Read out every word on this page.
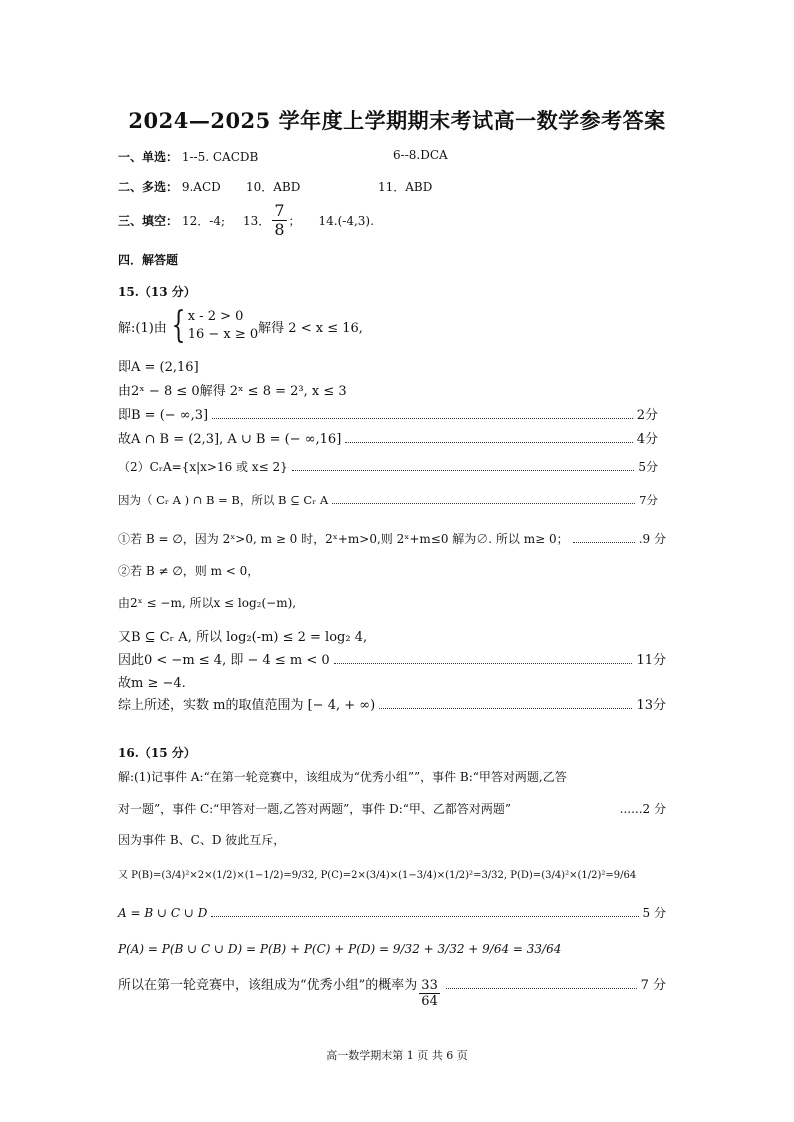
2024—2025 学年度上学期期末考试高一数学参考答案
一、单选： 1--5. CACDB	6--8.DCA
二、多选： 9.ACD 10．ABD	11．ABD
三、填空： 12．-4; 13． $\frac{7}{8}$ ； 14.(-4,3).
四．解答题
15.（13 分）
解:(1)由 { x - 2 > 0
16 − x ≥ 0 解得 2 < x ≤ 16,
即A = (2,16]
由2ˣ − 8 ≤ 0解得 2ˣ ≤ 8 = 2³, x ≤ 3
即B = (− ∞,3]	2分
故A ∩ B = (2,3], A ∪ B = (− ∞,16]	4分
（2）CᵣA={x|x>16 或 x≤ 2}	5分
因为（ Cᵣ A ) ∩ B = B，所以 B ⊆ Cᵣ A	7分
①若 B = ∅，因为 2ˣ>0, m ≥ 0 时，2ˣ+m>0,则 2ˣ+m≤0 解为∅. 所以 m≥ 0；	.9 分
②若 B ≠ ∅，则 m < 0，
由2ˣ ≤ −m, 所以x ≤ log₂(−m),
又B ⊆ Cᵣ A, 所以 log₂(-m) ≤ 2 = log₂ 4,
因此0 < −m ≤ 4, 即 − 4 ≤ m < 0	11分
故m ≥ −4.
综上所述，实数 m的取值范围为 [− 4, + ∞)	13分
16.（15 分）
解:(1)记事件 A:“在第一轮竞赛中，该组成为“优秀小组””，事件 B:“甲答对两题,乙答
对一题”，事件 C:“甲答对一题,乙答对两题”，事件 D:“甲、乙都答对两题”	......2 分
因为事件 B、C、D 彼此互斥，
又 P(B)=(3/4)²×2×(1/2)×(1−1/2)=9/32, P(C)=2×(3/4)×(1−3/4)×(1/2)²=3/32, P(D)=(3/4)²×(1/2)²=9/64
A = B ∪ C ∪ D	5 分
P(A) = P(B ∪ C ∪ D) = P(B) + P(C) + P(D) = 9/32 + 3/32 + 9/64 = 33/64
所以在第一轮竞赛中，该组成为“优秀小组”的概率为 $\frac{33}{64}$	7 分
高一数学期末第 1 页 共 6 页
